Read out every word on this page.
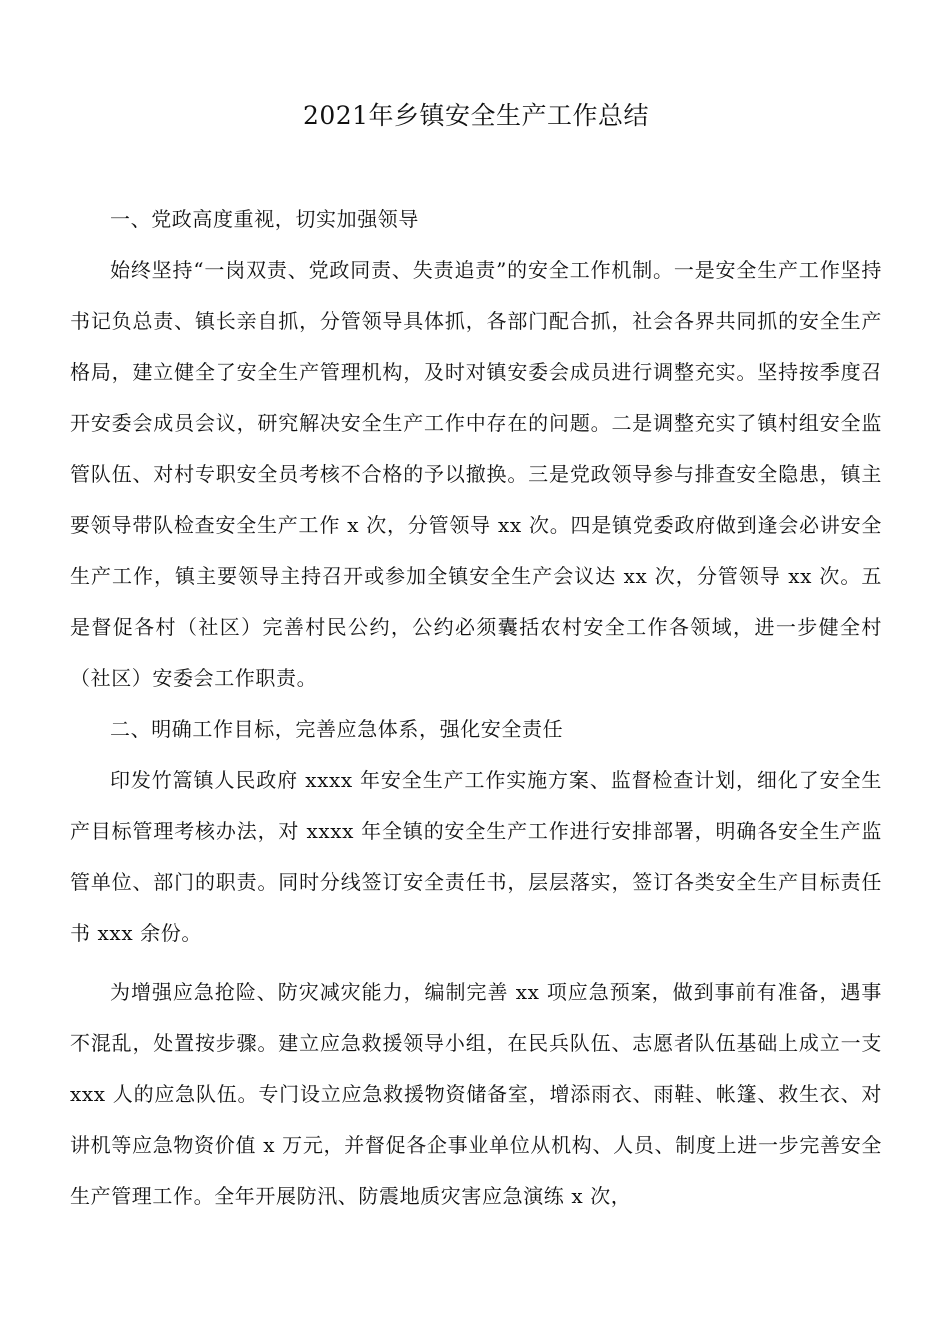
2021年乡镇安全生产工作总结

一、党政高度重视，切实加强领导

始终坚持“一岗双责、党政同责、失责追责”的安全工作机制。一是安全生产工作坚持书记负总责、镇长亲自抓，分管领导具体抓，各部门配合抓，社会各界共同抓的安全生产格局，建立健全了安全生产管理机构，及时对镇安委会成员进行调整充实。坚持按季度召开安委会成员会议，研究解决安全生产工作中存在的问题。二是调整充实了镇村组安全监管队伍、对村专职安全员考核不合格的予以撤换。三是党政领导参与排查安全隐患，镇主要领导带队检查安全生产工作 x 次，分管领导 xx 次。四是镇党委政府做到逢会必讲安全生产工作，镇主要领导主持召开或参加全镇安全生产会议达 xx 次，分管领导 xx 次。五是督促各村（社区）完善村民公约，公约必须囊括农村安全工作各领域，进一步健全村（社区）安委会工作职责。

二、明确工作目标，完善应急体系，强化安全责任

印发竹篙镇人民政府 xxxx 年安全生产工作实施方案、监督检查计划，细化了安全生产目标管理考核办法，对 xxxx 年全镇的安全生产工作进行安排部署，明确各安全生产监管单位、部门的职责。同时分线签订安全责任书，层层落实，签订各类安全生产目标责任书 xxx 余份。

为增强应急抢险、防灾减灾能力，编制完善 xx 项应急预案，做到事前有准备，遇事不混乱，处置按步骤。建立应急救援领导小组，在民兵队伍、志愿者队伍基础上成立一支 xxx 人的应急队伍。专门设立应急救援物资储备室，增添雨衣、雨鞋、帐篷、救生衣、对讲机等应急物资价值 x 万元，并督促各企事业单位从机构、人员、制度上进一步完善安全生产管理工作。全年开展防汛、防震地质灾害应急演练 x 次，
